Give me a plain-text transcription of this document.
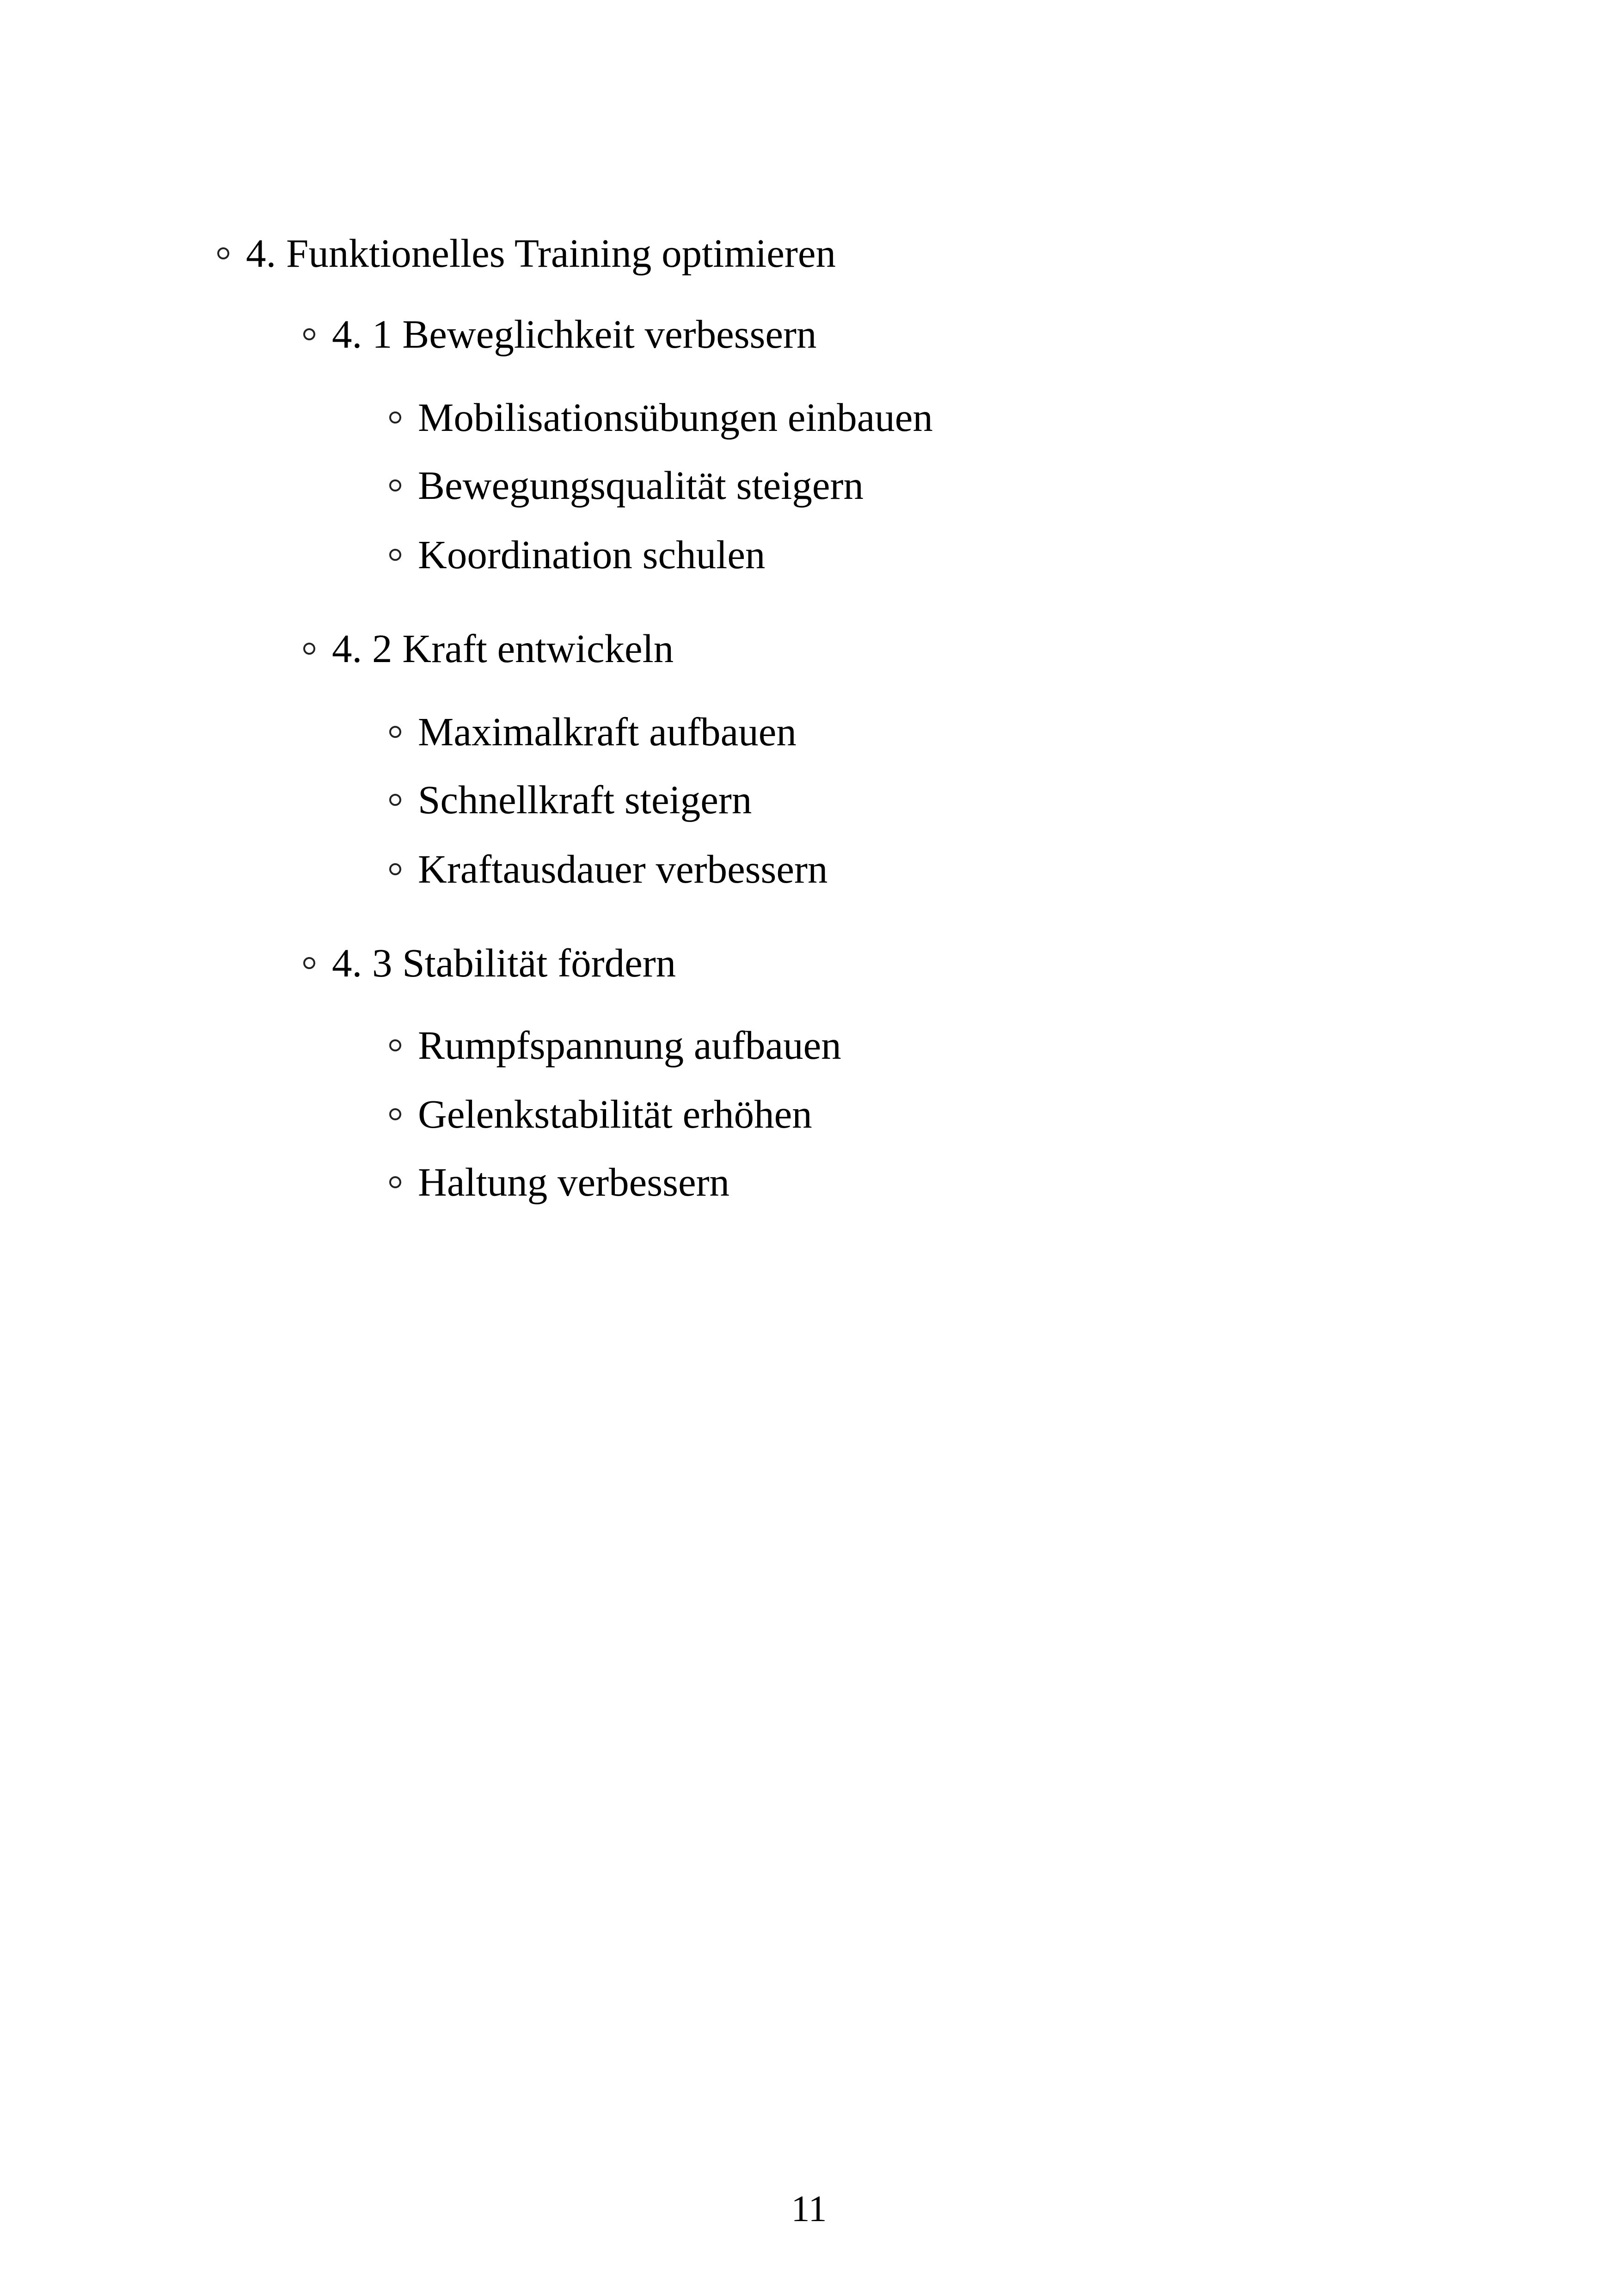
4. Funktionelles Training optimieren
4. 1 Beweglichkeit verbessern
Mobilisationsübungen einbauen
Bewegungsqualität steigern
Koordination schulen
4. 2 Kraft entwickeln
Maximalkraft aufbauen
Schnellkraft steigern
Kraftausdauer verbessern
4. 3 Stabilität fördern
Rumpfspannung aufbauen
Gelenkstabilität erhöhen
Haltung verbessern
11
